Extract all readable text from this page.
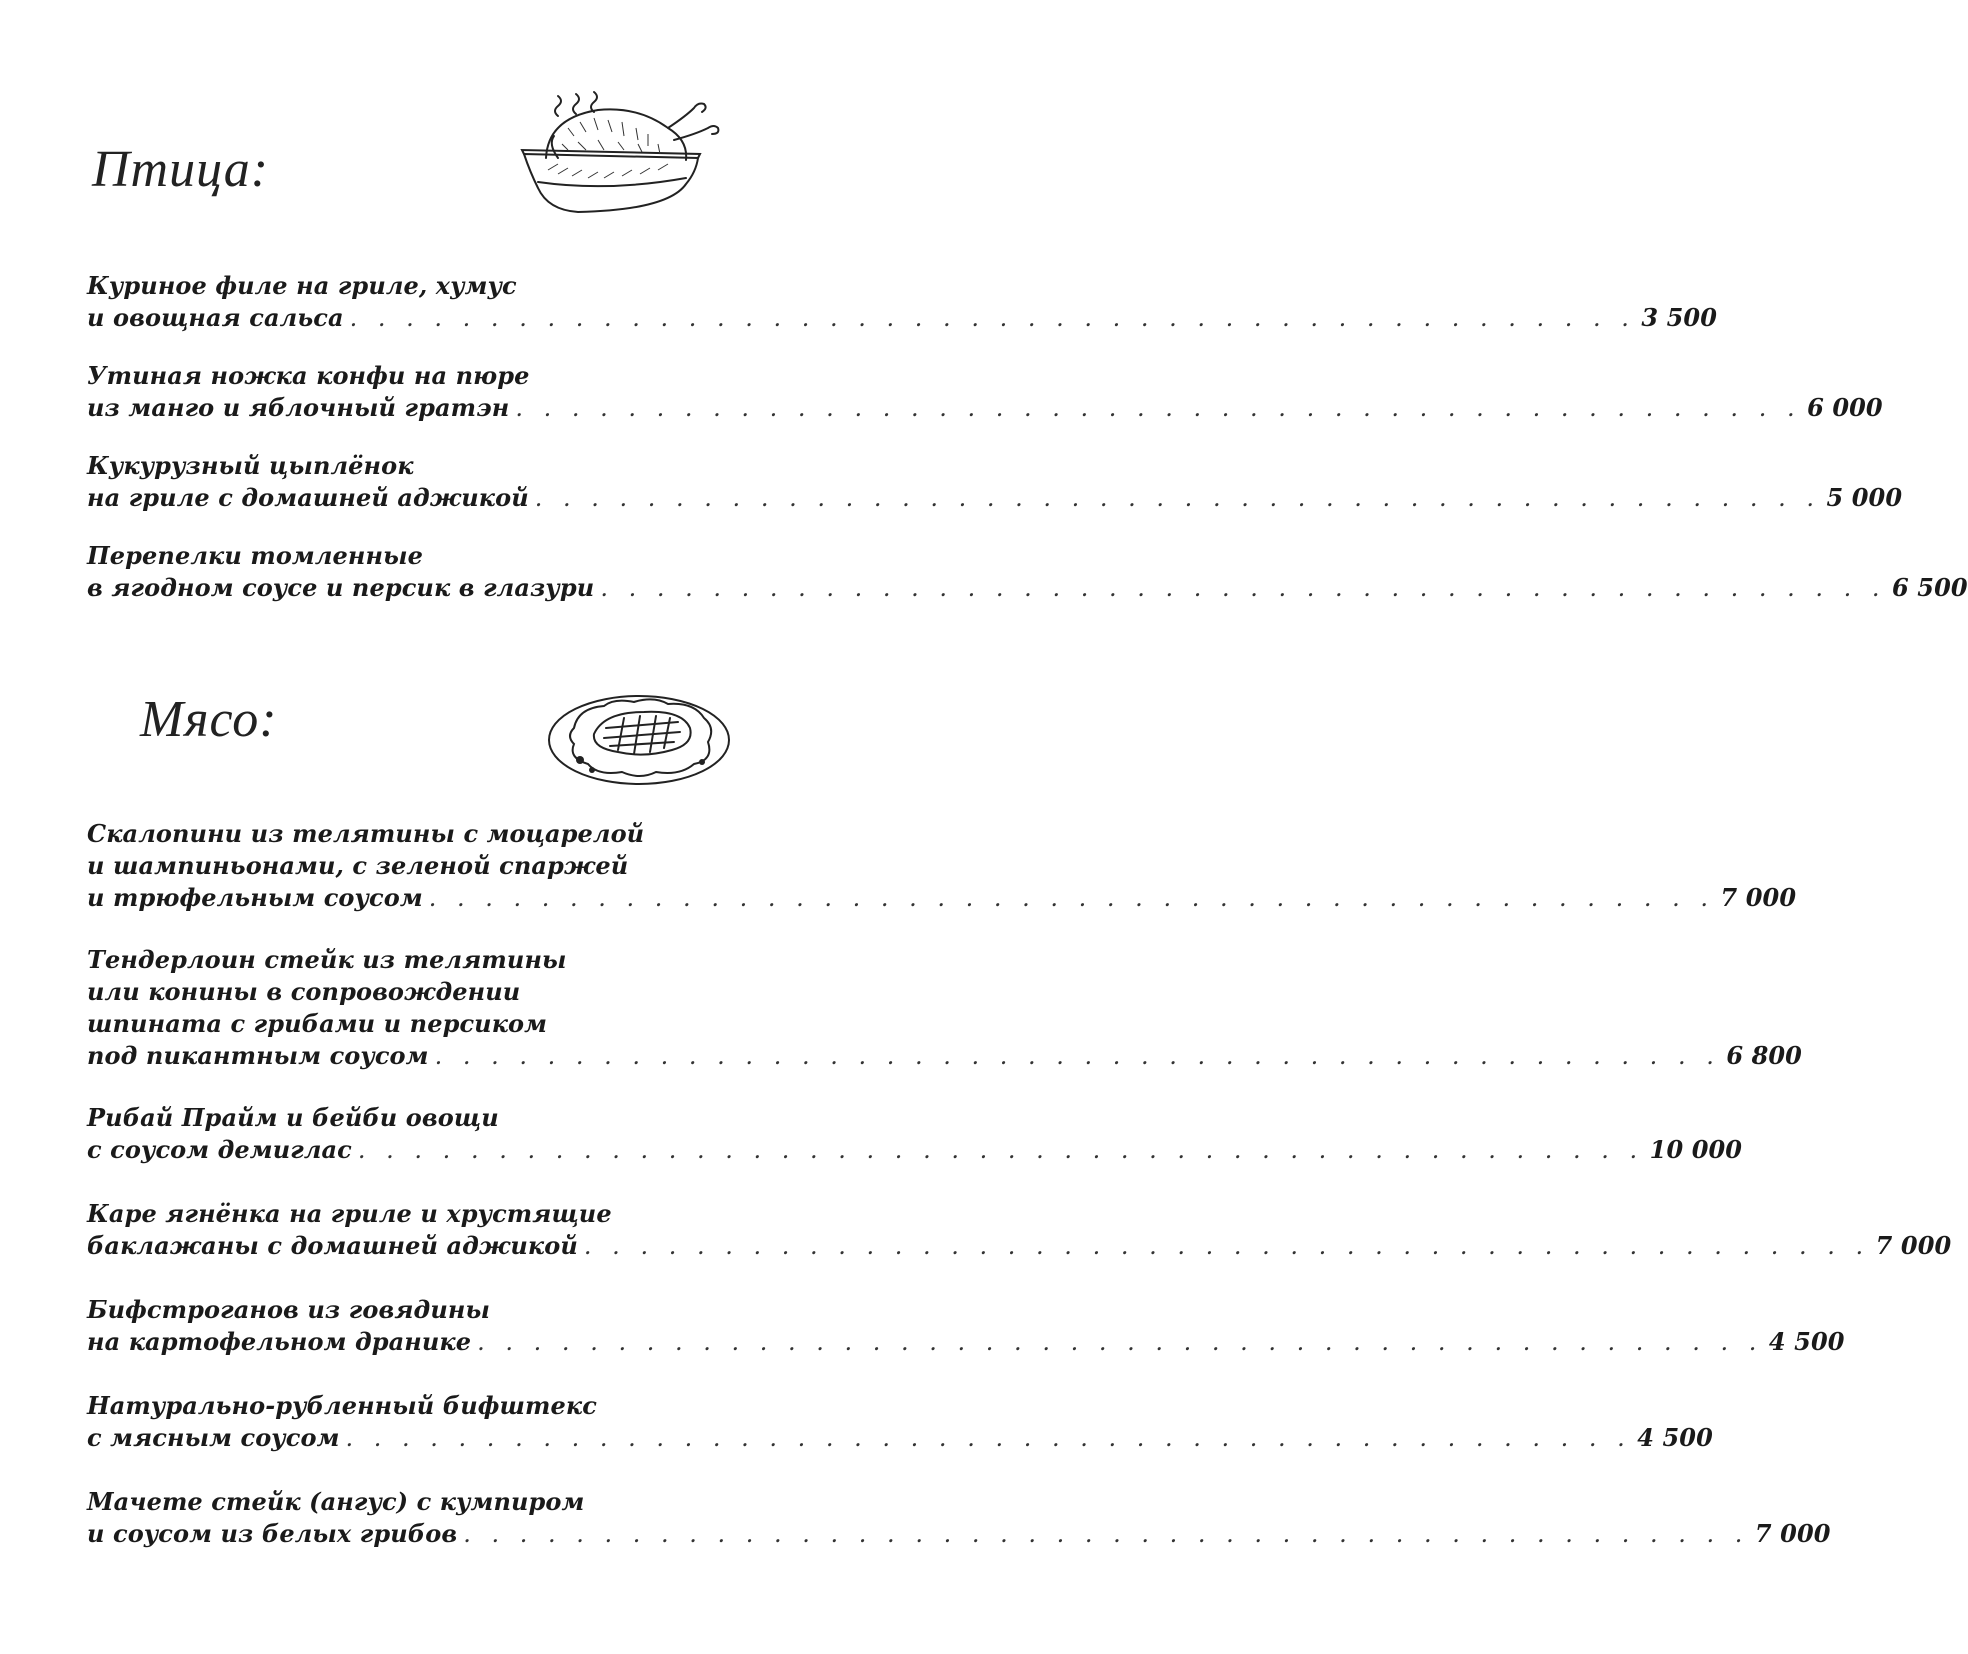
Птица:
Куриное филе на гриле, хумус
и овощная сальса . . . . . . . . . . . . . . . . . . . . . . . . . . . . . . . . . . . . . . . . . . . . . . 3 500
Утиная ножка конфи на пюре
из манго и яблочный гратэн . . . . . . . . . . . . . . . . . . . . . . . . . . . . . . . . . . . . . . . . . . . . . . 6 000
Кукурузный цыплёнок
на гриле с домашней аджикой . . . . . . . . . . . . . . . . . . . . . . . . . . . . . . . . . . . . . . . . . . . . . . 5 000
Перепелки томленные
в ягодном соусе и персик в глазури . . . . . . . . . . . . . . . . . . . . . . . . . . . . . . . . . . . . . . . . . . . . . . 6 500
Мясо:
Скалопини из телятины с моцарелой
и шампиньонами, с зеленой спаржей
и трюфельным соусом . . . . . . . . . . . . . . . . . . . . . . . . . . . . . . . . . . . . . . . . . . . . . . 7 000
Тендерлоин стейк из телятины
или конины в сопровождении
шпината с грибами и персиком
под пикантным соусом . . . . . . . . . . . . . . . . . . . . . . . . . . . . . . . . . . . . . . . . . . . . . . 6 800
Рибай Прайм и бейби овощи
с соусом демиглас . . . . . . . . . . . . . . . . . . . . . . . . . . . . . . . . . . . . . . . . . . . . . . 10 000
Каре ягнёнка на гриле и хрустящие
баклажаны с домашней аджикой . . . . . . . . . . . . . . . . . . . . . . . . . . . . . . . . . . . . . . . . . . . . . . 7 000
Бифстроганов из говядины
на картофельном дранике . . . . . . . . . . . . . . . . . . . . . . . . . . . . . . . . . . . . . . . . . . . . . . 4 500
Натурально-рубленный бифштекс
с мясным соусом . . . . . . . . . . . . . . . . . . . . . . . . . . . . . . . . . . . . . . . . . . . . . . 4 500
Мачете стейк (ангус) с кумпиром
и соусом из белых грибов . . . . . . . . . . . . . . . . . . . . . . . . . . . . . . . . . . . . . . . . . . . . . . 7 000
